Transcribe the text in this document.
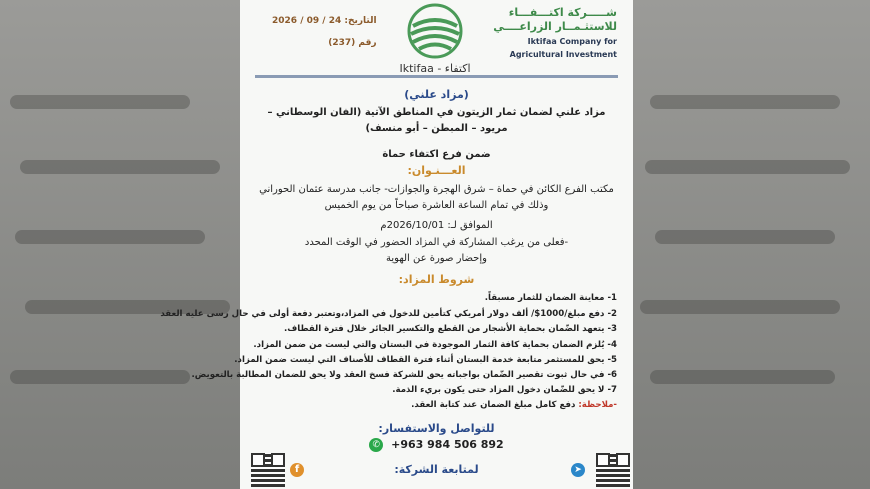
شـــــركة اكتـــفـــاء
للاستثـمــار الزراعــــي
Iktifaa Company for
Agricultural Investment
Iktifaa - اكتفاء
التاريخ: 24 / 09 / 2026
رقم (237)
(مزاد علني)
مزاد علني لضمان ثمار الزيتون في المناطق الآتية (الفان الوسطاني –
مريود – المبطن – أبو منسف)
ضمن فرع اكتفاء حماة
العـــنـوان:
مكتب الفرع الكائن في حماة – شرق الهجرة والجوازات- جانب مدرسة عثمان الحوراني
وذلك في تمام الساعة العاشرة صباحاً من يوم الخميس
الموافق لـ: 2026/10/01م
-فعلى من يرغب المشاركة في المزاد الحضور في الوقت المحدد
وإحضار صورة عن الهوية
شروط المزاد:
1- معاينة الضمان للثمار مسبقاً.
2- دفع مبلغ/1000$/ ألف دولار أمريكي كتأمين للدخول في المزاد،وتعتبر دفعة أولى في حال رسى عليه العقد
3- يتعهد الضّمان بحماية الأشجار من القطع والتكسير الجائر خلال فترة القطاف.
4- يُلزم الضمان بحماية كافة الثمار الموجودة في البستان والتي ليست من ضمن المزاد.
5- يحق للمستثمر متابعة خدمة البستان أثناء فترة القطاف للأصناف التي ليست ضمن المزاد.
6- في حال ثبوت تقصير الضّمان بواجباته يحق للشركة فسخ العقد ولا يحق للضمان المطالبة بالتعويض.
7- لا يحق للضّمان دخول المزاد حتى يكون بريء الذمة.
-ملاحظة: دفع كامل مبلغ الضمان عند كتابة العقد.
للتواصل والاستفسار:
✆ +963 984 506 892
لمتابعة الشركة:
f	➤
